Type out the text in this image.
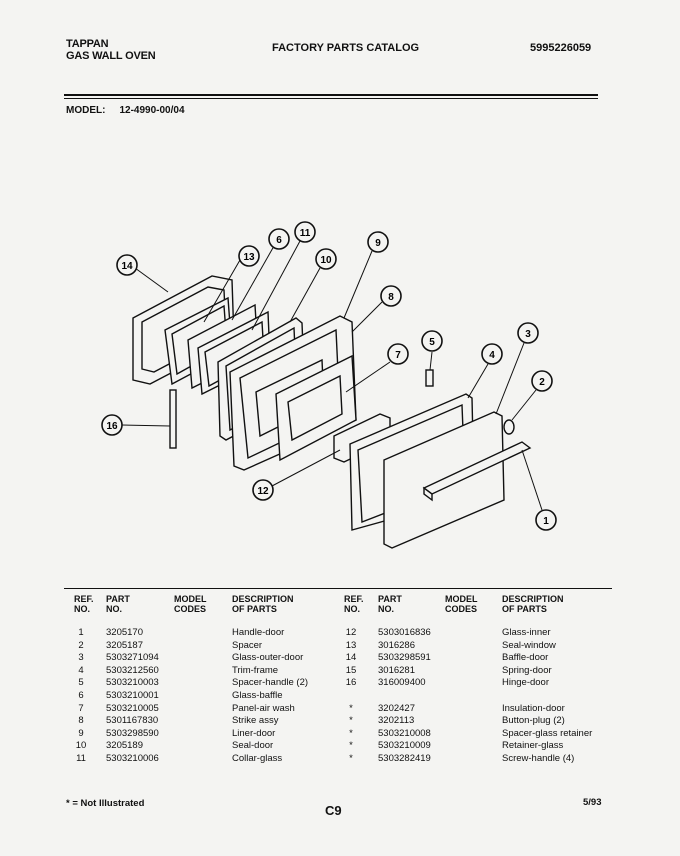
TAPPAN
GAS WALL OVEN
FACTORY PARTS CATALOG	5995226059
MODEL: 12-4990-00/04
14
13
6
11
10
9
8
7
5
4
3
2
1
12
16
REF.
NO.
PART
NO.
MODEL
CODES
DESCRIPTION
OF PARTS
1	3205170	Handle-door
2	3205187	Spacer
3	5303271094	Glass-outer-door
4	5303212560	Trim-frame
5	5303210003	Spacer-handle (2)
6	5303210001	Glass-baffle
7	5303210005	Panel-air wash
8	5301167830	Strike assy
9	5303298590	Liner-door
10 3205189	Seal-door
11 5303210006	Collar-glass
REF.
NO.
PART
NO.
MODEL
CODES
DESCRIPTION
OF PARTS
12 5303016836	Glass-inner
13 3016286	Seal-window
14 5303298591	Baffle-door
15 3016281	Spring-door
16 316009400	Hinge-door
*	3202427	Insulation-door
*	3202113	Button-plug (2)
*	5303210008	Spacer-glass retainer
*	5303210009	Retainer-glass
*	5303282419	Screw-handle (4)
* = Not Illustrated	C9
5/93
